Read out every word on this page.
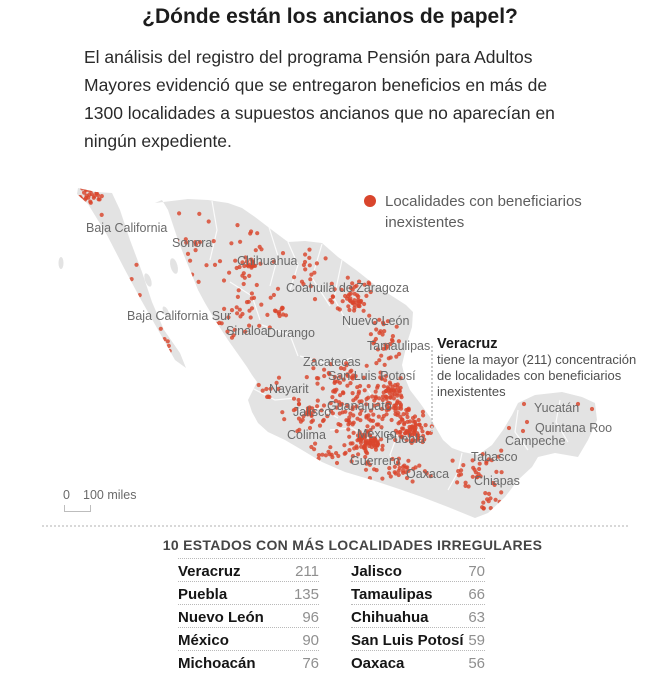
¿Dónde están los ancianos de papel?

El análisis del registro del programa Pensión para Adultos Mayores evidenció que se entregaron beneficios en más de 1300 localidades a supuestos ancianos que no aparecían en ningún expediente.

Baja California
Sonora
Chihuahua
Coahuila de Zaragoza
Baja California Sur
Sinaloa Durango
Nuevo León
Tamaulipas
Zacatecas
San Luis Potosí
Nayarit
Guanajuato
Jalisco
Colima México
Puebla
Guerrero
Oaxaca
Yucatán
Quintana Roo
Campeche
Tabasco
Chiapas
Localidades con beneficiarios inexistentes
Veracruz
tiene la mayor (211) concentración de localidades con beneficiarios inexistentes
0 100 miles
10 ESTADOS CON MÁS LOCALIDADES IRREGULARES
Veracruz	211
Puebla	135
Nuevo León	96
México	90
Michoacán	76
Jalisco	70
Tamaulipas 66
Chihuahua	63
San Luis Potosí 59
Oaxaca	56
